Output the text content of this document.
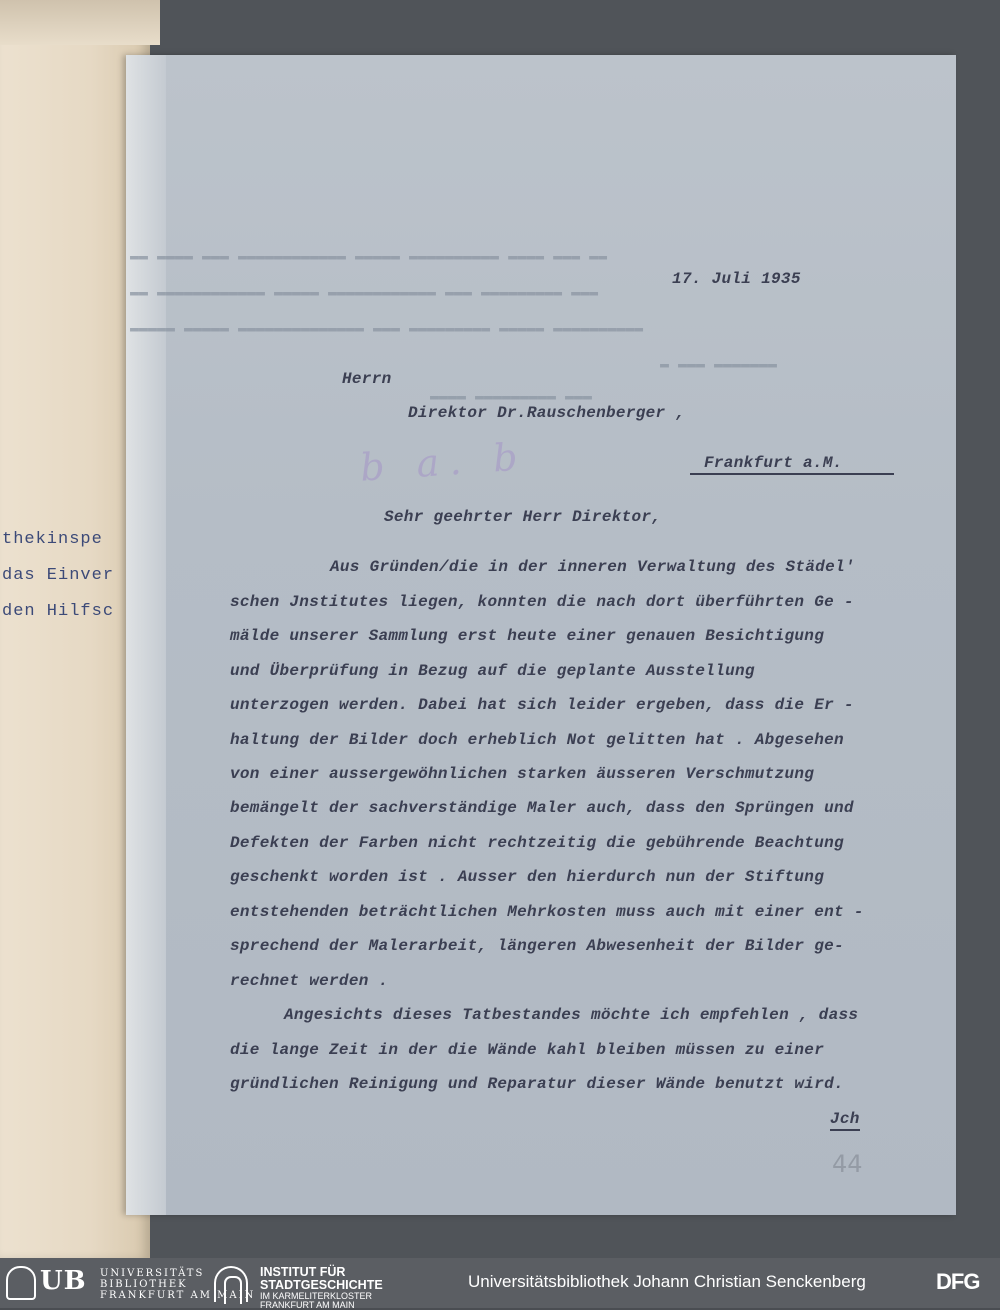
thekinspe
das Einver
den Hilfsc
▬▬ ▬▬▬ ▬▬▬▬ ▬▬▬▬▬▬▬▬▬▬ ▬▬▬▬▬ ▬▬▬▬▬▬▬▬▬▬▬▬ ▬▬▬ ▬▬▬▬ ▬▬
▬▬▬ ▬▬▬▬▬▬▬▬▬ ▬▬▬ ▬▬▬▬▬▬▬▬▬▬▬▬ ▬▬▬▬▬ ▬▬▬▬▬▬▬▬▬▬▬▬ ▬▬
▬▬▬▬▬▬▬▬▬▬ ▬▬▬▬▬ ▬▬▬▬▬▬▬▬▬ ▬▬▬ ▬▬▬▬▬▬▬▬▬▬▬▬▬▬ ▬▬▬▬▬ ▬▬▬▬▬
▬▬▬▬▬▬▬ ▬▬▬ ▬
▬▬▬ ▬▬▬▬▬▬▬▬▬ ▬▬▬▬
17. Juli 1935
Herrn
Direktor Dr.Rauschenberger ,
Frankfurt a.M.
b a. b
Sehr geehrter Herr Direktor,
Aus Gründen/die in der inneren Verwaltung des Städel'
schen Jnstitutes liegen, konnten die nach dort überführten Ge -
mälde unserer Sammlung erst heute einer genauen Besichtigung
und Überprüfung in Bezug auf die geplante Ausstellung
unterzogen werden. Dabei hat sich leider ergeben, dass die Er -
haltung der Bilder doch erheblich Not gelitten hat . Abgesehen
von einer aussergewöhnlichen starken äusseren Verschmutzung
bemängelt der sachverständige Maler auch, dass den Sprüngen und
Defekten der Farben nicht rechtzeitig die gebührende Beachtung
geschenkt worden ist . Ausser den hierdurch nun der Stiftung
entstehenden beträchtlichen Mehrkosten muss auch mit einer ent -
sprechend der Malerarbeit, längeren Abwesenheit der Bilder ge-
rechnet werden .
Angesichts dieses Tatbestandes möchte ich empfehlen , dass
die lange Zeit in der die Wände kahl bleiben müssen zu einer
gründlichen Reinigung und Reparatur dieser Wände benutzt wird.
Jch
44
UB UNIVERSITÄTS
BIBLIOTHEK
FRANKFURT AM MAIN
INSTITUT FÜR
STADTGESCHICHTE
IM KARMELITERKLOSTER
FRANKFURT AM MAIN
Universitätsbibliothek Johann Christian Senckenberg	DFG
